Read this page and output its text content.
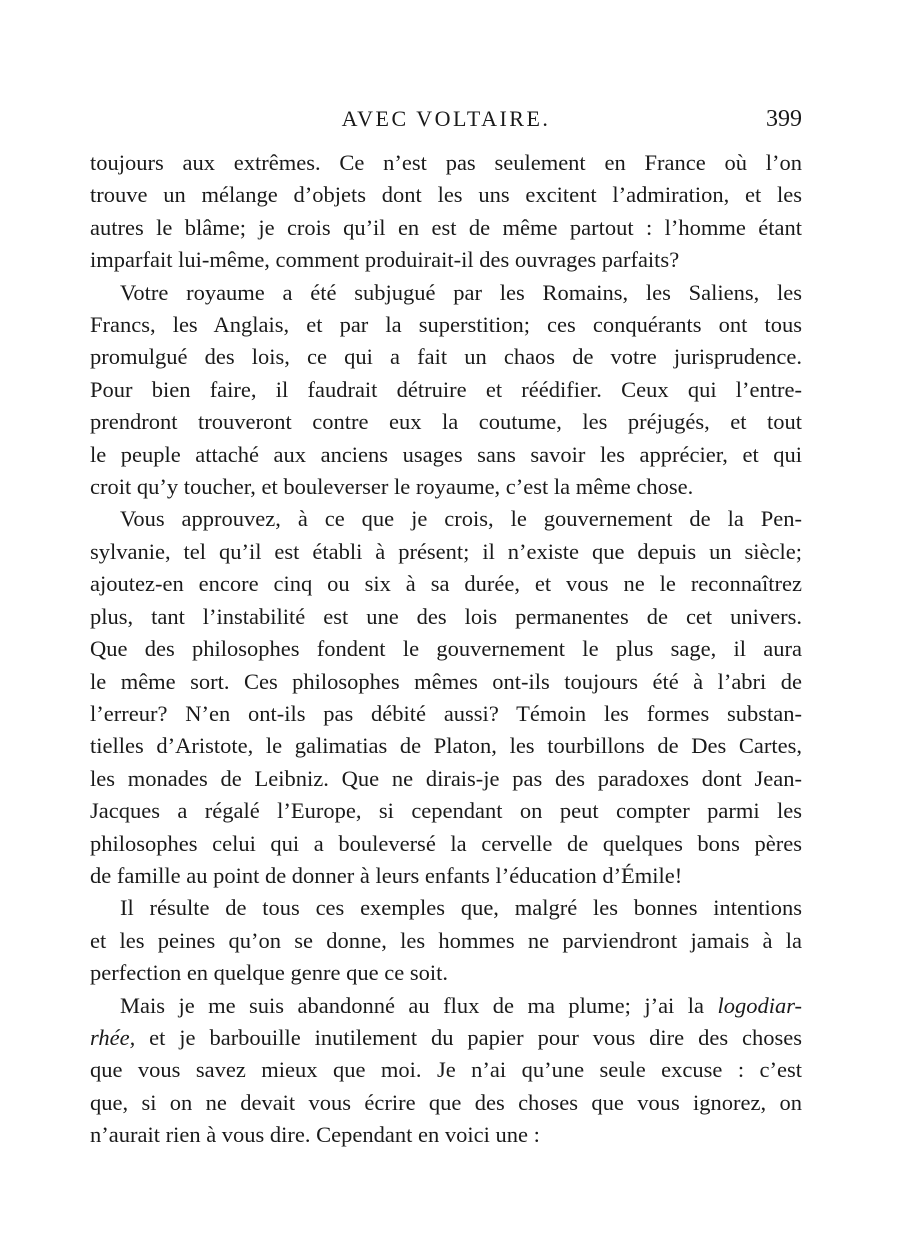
AVEC VOLTAIRE.	399
toujours aux extrêmes. Ce n’est pas seulement en France où l’on
trouve un mélange d’objets dont les uns excitent l’admiration, et les
autres le blâme; je crois qu’il en est de même partout : l’homme étant
imparfait lui-même, comment produirait-il des ouvrages parfaits?
Votre royaume a été subjugué par les Romains, les Saliens, les
Francs, les Anglais, et par la superstition; ces conquérants ont tous
promulgué des lois, ce qui a fait un chaos de votre jurisprudence.
Pour bien faire, il faudrait détruire et réédifier. Ceux qui l’entre-
prendront trouveront contre eux la coutume, les préjugés, et tout
le peuple attaché aux anciens usages sans savoir les apprécier, et qui
croit qu’y toucher, et bouleverser le royaume, c’est la même chose.
Vous approuvez, à ce que je crois, le gouvernement de la Pen-
sylvanie, tel qu’il est établi à présent; il n’existe que depuis un siècle;
ajoutez-en encore cinq ou six à sa durée, et vous ne le reconnaîtrez
plus, tant l’instabilité est une des lois permanentes de cet univers.
Que des philosophes fondent le gouvernement le plus sage, il aura
le même sort. Ces philosophes mêmes ont-ils toujours été à l’abri de
l’erreur? N’en ont-ils pas débité aussi? Témoin les formes substan-
tielles d’Aristote, le galimatias de Platon, les tourbillons de Des Cartes,
les monades de Leibniz. Que ne dirais-je pas des paradoxes dont Jean-
Jacques a régalé l’Europe, si cependant on peut compter parmi les
philosophes celui qui a bouleversé la cervelle de quelques bons pères
de famille au point de donner à leurs enfants l’éducation d’Émile!
Il résulte de tous ces exemples que, malgré les bonnes intentions
et les peines qu’on se donne, les hommes ne parviendront jamais à la
perfection en quelque genre que ce soit.
Mais je me suis abandonné au flux de ma plume; j’ai la logodiar-
rhée, et je barbouille inutilement du papier pour vous dire des choses
que vous savez mieux que moi. Je n’ai qu’une seule excuse : c’est
que, si on ne devait vous écrire que des choses que vous ignorez, on
n’aurait rien à vous dire. Cependant en voici une :
